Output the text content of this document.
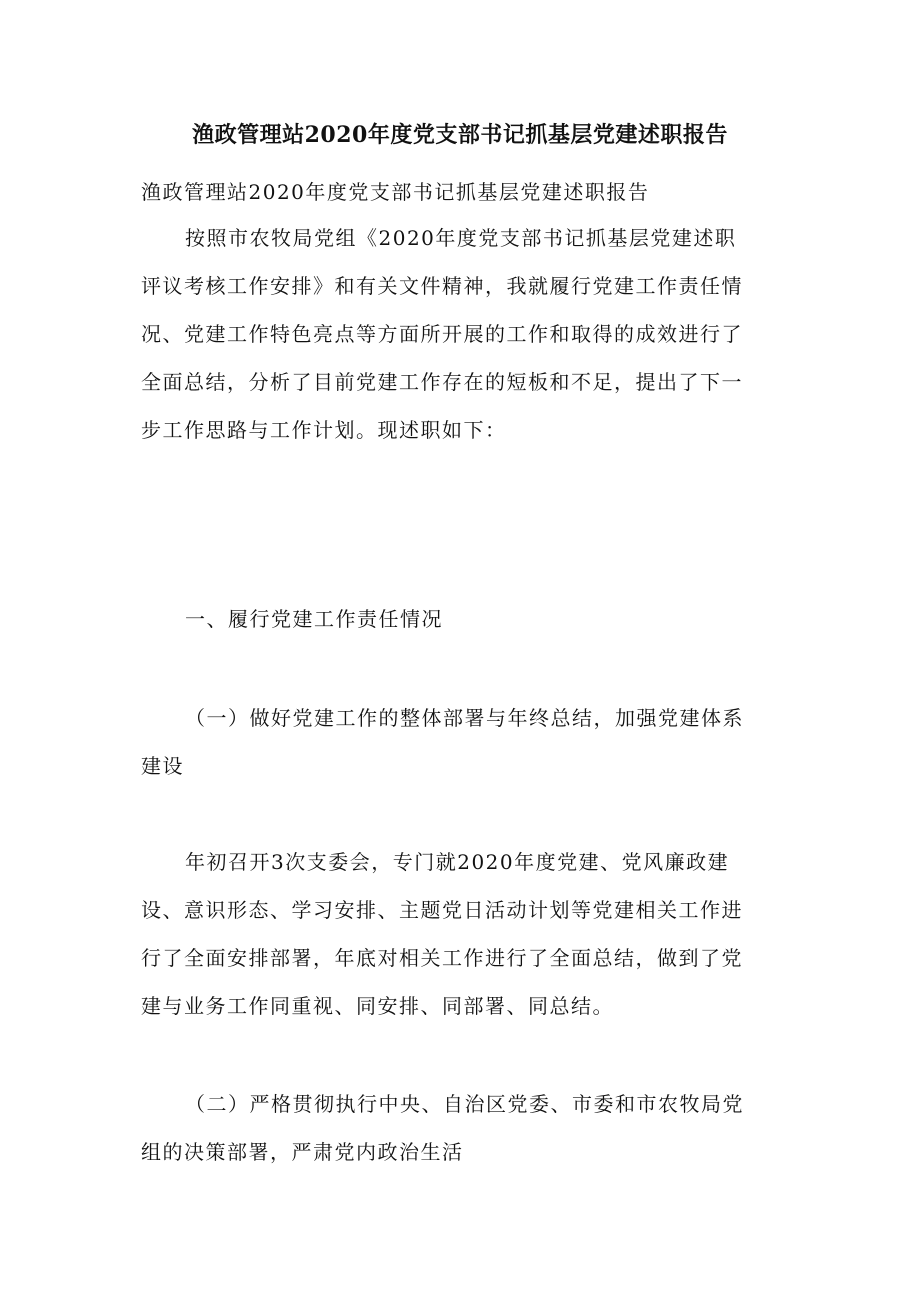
渔政管理站2020年度党支部书记抓基层党建述职报告

渔政管理站2020年度党支部书记抓基层党建述职报告

按照市农牧局党组《2020年度党支部书记抓基层党建述职
评议考核工作安排》和有关文件精神，我就履行党建工作责任情
况、党建工作特色亮点等方面所开展的工作和取得的成效进行了
全面总结，分析了目前党建工作存在的短板和不足，提出了下一
步工作思路与工作计划。现述职如下：

一、履行党建工作责任情况

（一）做好党建工作的整体部署与年终总结，加强党建体系
建设

年初召开3次支委会，专门就2020年度党建、党风廉政建
设、意识形态、学习安排、主题党日活动计划等党建相关工作进
行了全面安排部署，年底对相关工作进行了全面总结，做到了党
建与业务工作同重视、同安排、同部署、同总结。

（二）严格贯彻执行中央、自治区党委、市委和市农牧局党
组的决策部署，严肃党内政治生活
